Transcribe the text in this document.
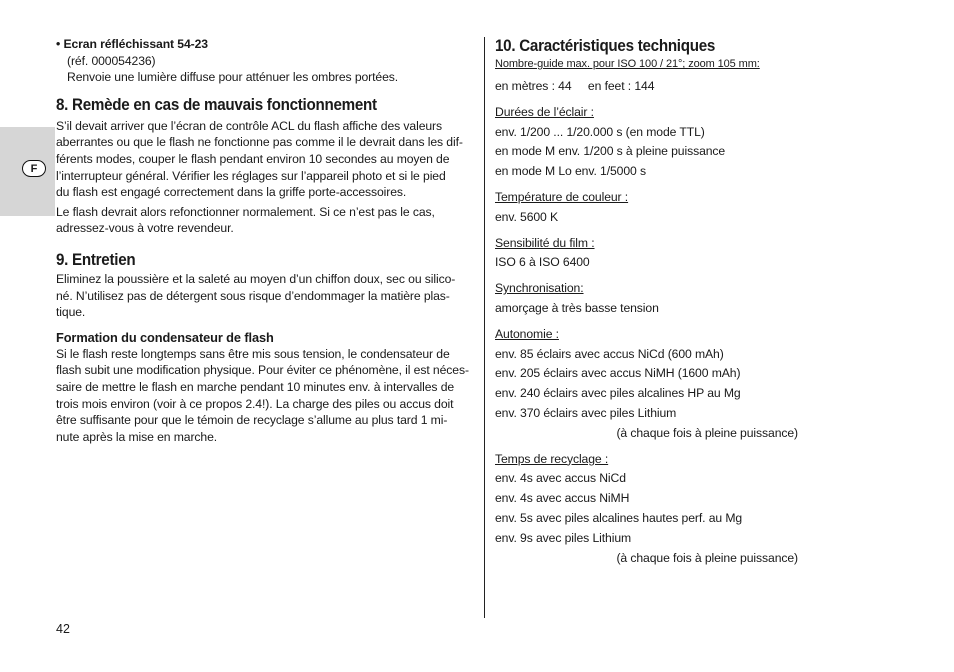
F

• Ecran réfléchissant 54-23

(réf. 000054236)

Renvoie une lumière diffuse pour atténuer les ombres portées.

8. Remède en cas de mauvais fonctionnement

S’il devait arriver que l’écran de contrôle ACL du flash affiche des valeurs

aberrantes ou que le flash ne fonctionne pas comme il le devrait dans les dif-

férents modes, couper le flash pendant environ 10 secondes au moyen de

l’interrupteur général. Vérifier les réglages sur l’appareil photo et si le pied

du flash est engagé correctement dans la griffe porte-accessoires.

Le flash devrait alors refonctionner normalement. Si ce n’est pas le cas,

adressez-vous à votre revendeur.

9. Entretien

Eliminez la poussière et la saleté au moyen d’un chiffon doux, sec ou silico-

né. N’utilisez pas de détergent sous risque d’endommager la matière plas-

tique.

Formation du condensateur de flash

Si le flash reste longtemps sans être mis sous tension, le condensateur de

flash subit une modification physique. Pour éviter ce phénomène, il est néces-

saire de mettre le flash en marche pendant 10 minutes env. à intervalles de

trois mois environ (voir à ce propos 2.4!). La charge des piles ou accus doit

être suffisante pour que le témoin de recyclage s’allume au plus tard 1 mi-

nute après la mise en marche.

10. Caractéristiques techniques

Nombre-guide max. pour ISO 100 / 21°; zoom 105 mm:

en mètres : 44     en feet : 144

Durées de l’éclair :

env. 1/200 ... 1/20.000 s (en mode TTL)

en mode M env. 1/200 s à pleine puissance

en mode M Lo env. 1/5000 s

Température de couleur :

env. 5600 K

Sensibilité du film :

ISO 6 à ISO 6400

Synchronisation:

amorçage à très basse tension

Autonomie :

env. 85 éclairs avec accus NiCd (600 mAh)

env. 205 éclairs avec accus NiMH (1600 mAh)

env. 240 éclairs avec piles alcalines HP au Mg

env. 370 éclairs avec piles Lithium

(à chaque fois à pleine puissance)

Temps de recyclage :

env. 4s avec accus NiCd

env. 4s avec accus NiMH

env. 5s avec piles alcalines hautes perf. au Mg

env. 9s avec piles Lithium

(à chaque fois à pleine puissance)

42
